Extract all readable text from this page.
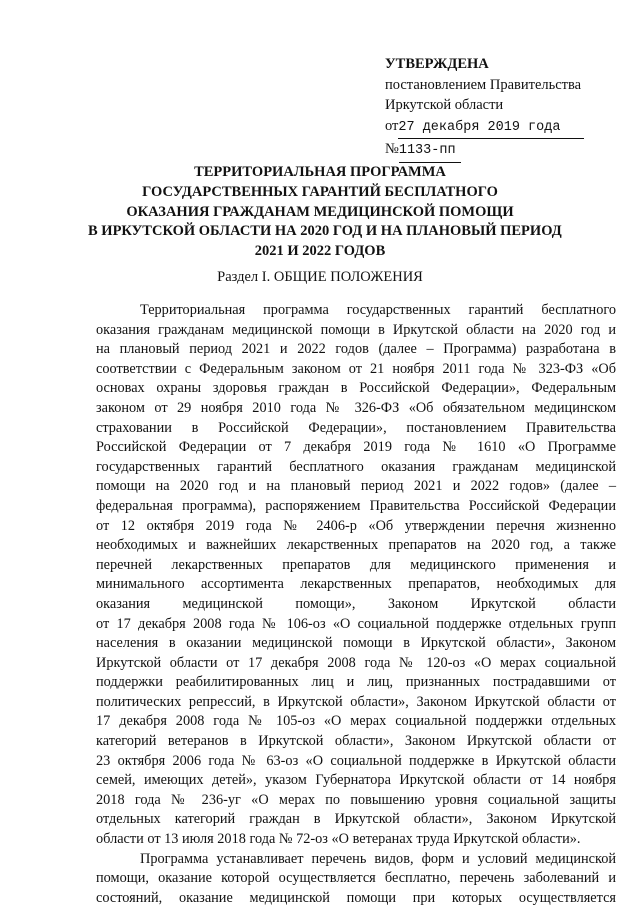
УТВЕРЖДЕНА
постановлением Правительства
Иркутской области
от27 декабря 2019 года
№1133-пп
ТЕРРИТОРИАЛЬНАЯ ПРОГРАММА
ГОСУДАРСТВЕННЫХ ГАРАНТИЙ БЕСПЛАТНОГО
ОКАЗАНИЯ ГРАЖДАНАМ МЕДИЦИНСКОЙ ПОМОЩИ
В ИРКУТСКОЙ ОБЛАСТИ НА 2020 ГОД И НА ПЛАНОВЫЙ ПЕРИОД
2021 И 2022 ГОДОВ
Раздел I. ОБЩИЕ ПОЛОЖЕНИЯ

Территориальная программа государственных гарантий бесплатного
оказания гражданам медицинской помощи в Иркутской области на 2020 год и
на плановый период 2021 и 2022 годов (далее – Программа) разработана в
соответствии с Федеральным законом от 21 ноября 2011 года № 323-ФЗ «Об
основах охраны здоровья граждан в Российской Федерации», Федеральным
законом от 29 ноября 2010 года № 326-ФЗ «Об обязательном медицинском
страховании в Российской Федерации», постановлением Правительства
Российской Федерации от 7 декабря 2019 года № 1610 «О Программе
государственных гарантий бесплатного оказания гражданам медицинской
помощи на 2020 год и на плановый период 2021 и 2022 годов» (далее –
федеральная программа), распоряжением Правительства Российской Федерации
от 12 октября 2019 года № 2406-р «Об утверждении перечня жизненно
необходимых и важнейших лекарственных препаратов на 2020 год, а также
перечней лекарственных препаратов для медицинского применения и
минимального ассортимента лекарственных препаратов, необходимых для
оказания медицинской помощи», Законом Иркутской области
от 17 декабря 2008 года № 106-оз «О социальной поддержке отдельных групп
населения в оказании медицинской помощи в Иркутской области», Законом
Иркутской области от 17 декабря 2008 года № 120-оз «О мерах социальной
поддержки реабилитированных лиц и лиц, признанных пострадавшими от
политических репрессий, в Иркутской области», Законом Иркутской области от
17 декабря 2008 года № 105-оз «О мерах социальной поддержки отдельных
категорий ветеранов в Иркутской области», Законом Иркутской области от
23 октября 2006 года № 63-оз «О социальной поддержке в Иркутской области
семей, имеющих детей», указом Губернатора Иркутской области от 14 ноября
2018 года № 236-уг «О мерах по повышению уровня социальной защиты
отдельных категорий граждан в Иркутской области», Законом Иркутской
области от 13 июля 2018 года № 72-оз «О ветеранах труда Иркутской области».

Программа устанавливает перечень видов, форм и условий медицинской
помощи, оказание которой осуществляется бесплатно, перечень заболеваний и
состояний, оказание медицинской помощи при которых осуществляется
